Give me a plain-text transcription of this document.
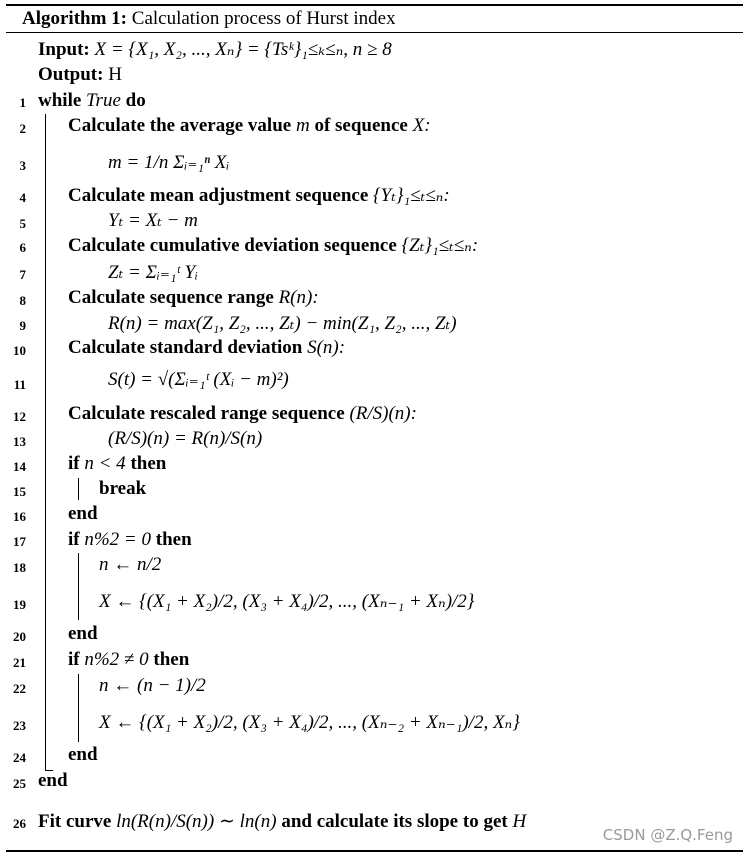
Algorithm 1: Calculation process of Hurst index
Input: X = {X₁, X₂, ..., Xₙ} = {Tsᵏ}₁≤ₖ≤ₙ, n ≥ 8
Output: H
1
2
3
4
5
6
7
8
9
10
11
12
13
14
15
16
17
18
19
20
21
22
23
24
25
26
while True do
Calculate the average value m of sequence X:
m = 1/n Σᵢ₌₁ⁿ Xᵢ
Calculate mean adjustment sequence {Yₜ}₁≤ₜ≤ₙ:
Yₜ = Xₜ − m
Calculate cumulative deviation sequence {Zₜ}₁≤ₜ≤ₙ:
Zₜ = Σᵢ₌₁ᵗ Yᵢ
Calculate sequence range R(n):
R(n) = max(Z₁, Z₂, ..., Zₜ) − min(Z₁, Z₂, ..., Zₜ)
Calculate standard deviation S(n):
S(t) = √(Σᵢ₌₁ᵗ (Xᵢ − m)²)
Calculate rescaled range sequence (R/S)(n):
(R/S)(n) = R(n)/S(n)
if n < 4 then
break
end
if n%2 = 0 then
n ← n/2
X ← {(X₁ + X₂)/2, (X₃ + X₄)/2, ..., (Xₙ₋₁ + Xₙ)/2}
end
if n%2 ≠ 0 then
n ← (n − 1)/2
X ← {(X₁ + X₂)/2, (X₃ + X₄)/2, ..., (Xₙ₋₂ + Xₙ₋₁)/2, Xₙ}
end
end
Fit curve ln(R(n)/S(n)) ∼ ln(n) and calculate its slope to get H
CSDN @Z.Q.Feng
